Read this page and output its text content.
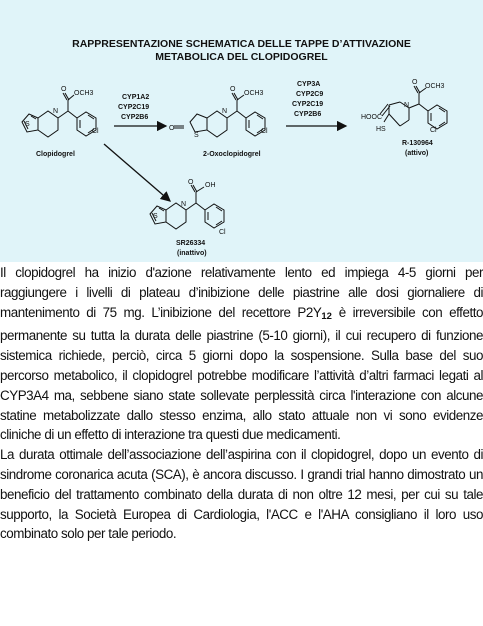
RAPPRESENTAZIONE SCHEMATICA DELLE TAPPE D’ATTIVAZIONE
METABOLICA DEL CLOPIDOGREL
N
S
O
OCH3
Cl
Clopidogrel
CYP1A2
CYP2C19
CYP2B6
O
S
N
O
OCH3
Cl
2-Oxoclopidogrel
CYP3A
CYP2C9
CYP2C19
CYP2B6	HOOC
HS
N
O
OCH3
Cl
R-130964
(attivo)
S
N
O OH
Cl
SR26334
(inattivo)

Il clopidogrel ha inizio d'azione relativamente lento ed impiega 4-5 giorni per raggiungere i livelli di plateau d’inibizione delle piastrine alle dosi giornaliere di mantenimento di 75 mg. L’inibizione del recettore $P2Y_{12}$ è irreversibile con effetto permanente su tutta la durata delle piastrine (5-10 giorni), il cui recupero di funzione sistemica richiede, perciò, circa 5 giorni dopo la sospensione. Sulla base del suo percorso metabolico, il clopidogrel potrebbe modificare l’attività d’altri farmaci legati al CYP3A4 ma, sebbene siano state sollevate perplessità circa l'interazione con alcune statine metabolizzate dallo stesso enzima, allo stato attuale non vi sono evidenze cliniche di un effetto di interazione tra questi due medicamenti.

La durata ottimale dell’associazione dell’aspirina con il clopidogrel, dopo un evento di sindrome coronarica acuta (SCA), è ancora discusso. I grandi trial hanno dimostrato un beneficio del trattamento combinato della durata di non oltre 12 mesi, per cui su tale supporto, la Società Europea di Cardiologia, l'ACC e l'AHA consigliano il loro uso combinato solo per tale periodo.
